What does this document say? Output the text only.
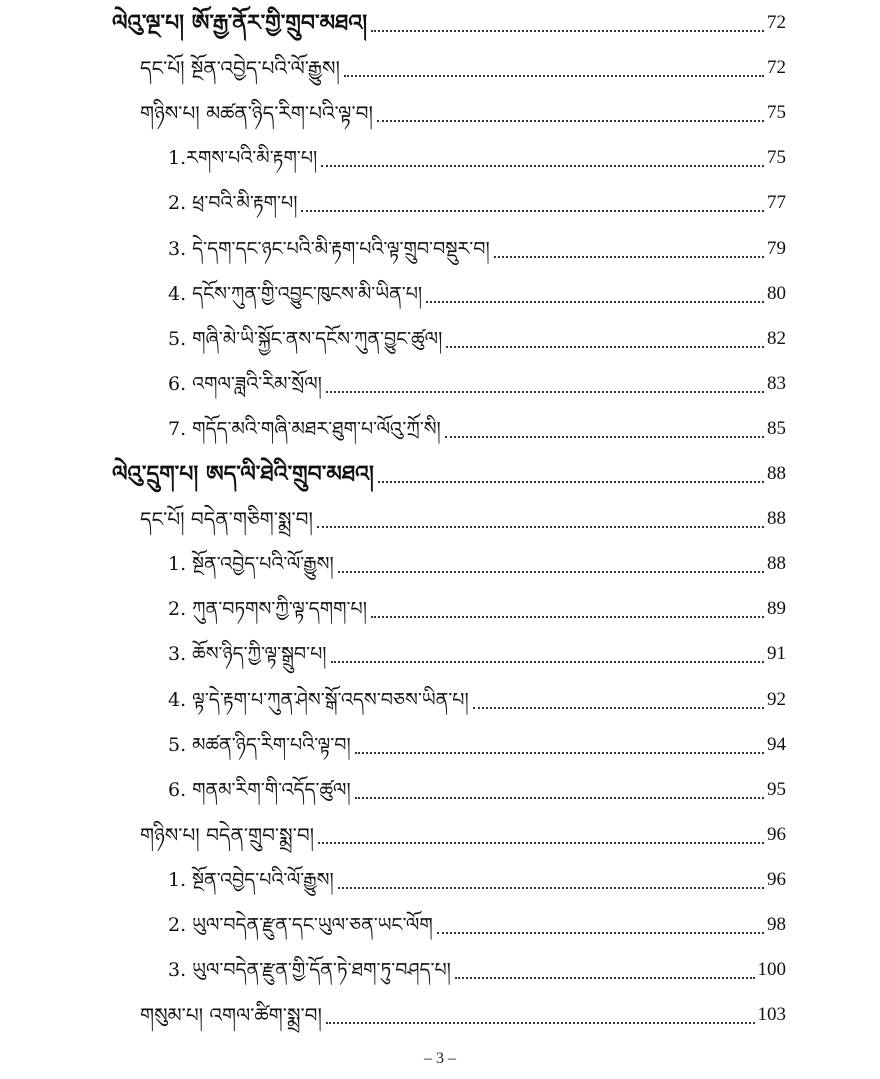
ལེའུ་ལྔ་པ། ཨོ་རྒྱ་ནོར་གྱི་གྲུབ་མཐའ།	72
དང་པོ། སྔོན་འབྱེད་པའི་ལོ་རྒྱུས།	72
གཉིས་པ། མཚན་ཉིད་རིག་པའི་ལྟ་བ།	75
1.རགས་པའི་མི་རྟག་པ།	75
2. ཕྲ་བའི་མི་རྟག་པ།	77
3. དེ་དག་དང་ཉང་པའི་མི་རྟག་པའི་ལྟ་གྲུབ་བསྡུར་བ།	79
4. དངོས་ཀུན་གྱི་འབྱུང་ཁུངས་མི་ཡིན་པ།	80
5. གཞི་མེ་ཡི་སྐྱོང་ནས་དངོས་ཀུན་བྱུང་ཚུལ།	82
6. འགལ་ཟླའི་རིམ་སྲོལ།	83
7. གདོད་མའི་གཞི་མཐར་ཐུག་པ་ལོའུ་ཀྲོ་སི།	85
ལེའུ་དྲུག་པ། ཨད་ལི་ཐེའི་གྲུབ་མཐའ།	88
དང་པོ། བདེན་གཅིག་སྨྲ་བ།	88
1. སྔོན་འབྱེད་པའི་ལོ་རྒྱུས།	88
2. ཀུན་བཏགས་ཀྱི་ལྟ་དགག་པ།	89
3. ཆོས་ཉིད་ཀྱི་ལྟ་སྒྲུབ་པ།	91
4. ལྟ་དེ་རྟག་པ་ཀུན་ཤེས་སྒོ་འདས་བཅས་ཡིན་པ།	92
5. མཚན་ཉིད་རིག་པའི་ལྟ་བ།	94
6. གནམ་རིག་གི་འདོད་ཚུལ།	95
གཉིས་པ། བདེན་གྲུབ་སྨྲ་བ།	96
1. སྔོན་འབྱེད་པའི་ལོ་རྒྱུས།	96
2. ཡུལ་བདེན་རྫུན་དང་ཡུལ་ཅན་ཡང་ལོག	98
3. ཡུལ་བདེན་རྫུན་གྱི་དོན་ཏེ་ཐག་ཏུ་བཤད་པ།	100
གསུམ་པ། འགལ་ཚིག་སྨྲ་བ།	103
– 3 –
